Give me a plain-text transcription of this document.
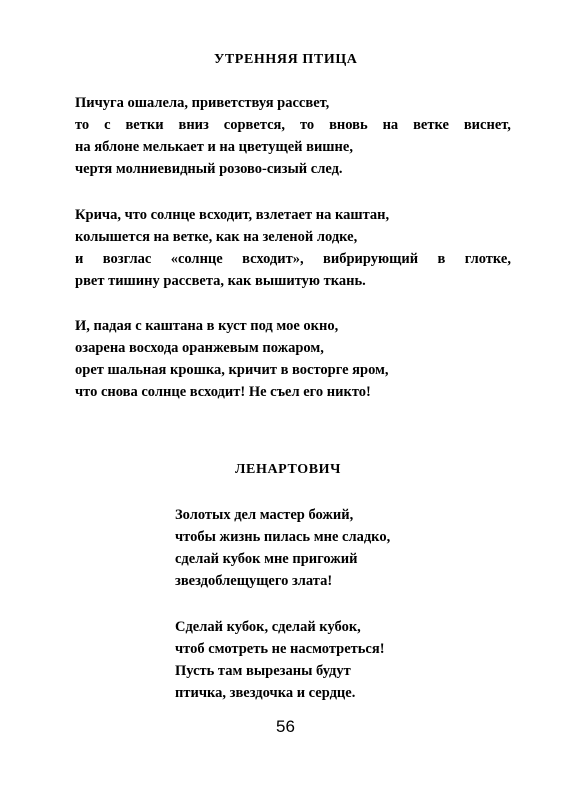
УТРЕННЯЯ ПТИЦА
Пичуга ошалела, приветствуя рассвет,
то с ветки вниз сорвется, то вновь на ветке виснет,
на яблоне мелькает и на цветущей вишне,
чертя молниевидный розово-сизый след.
Крича, что солнце всходит, взлетает на каштан,
колышется на ветке, как на зеленой лодке,
и возглас «солнце всходит», вибрирующий в глотке,
рвет тишину рассвета, как вышитую ткань.
И, падая с каштана в куст под мое окно,
озарена восхода оранжевым пожаром,
орет шальная крошка, кричит в восторге яром,
что снова солнце всходит! Не съел его никто!
ЛЕНАРТОВИЧ
Золотых дел мастер божий,
чтобы жизнь пилась мне сладко,
сделай кубок мне пригожий
звездоблещущего злата!
Сделай кубок, сделай кубок,
чтоб смотреть не насмотреться!
Пусть там вырезаны будут
птичка, звездочка и сердце.
56
